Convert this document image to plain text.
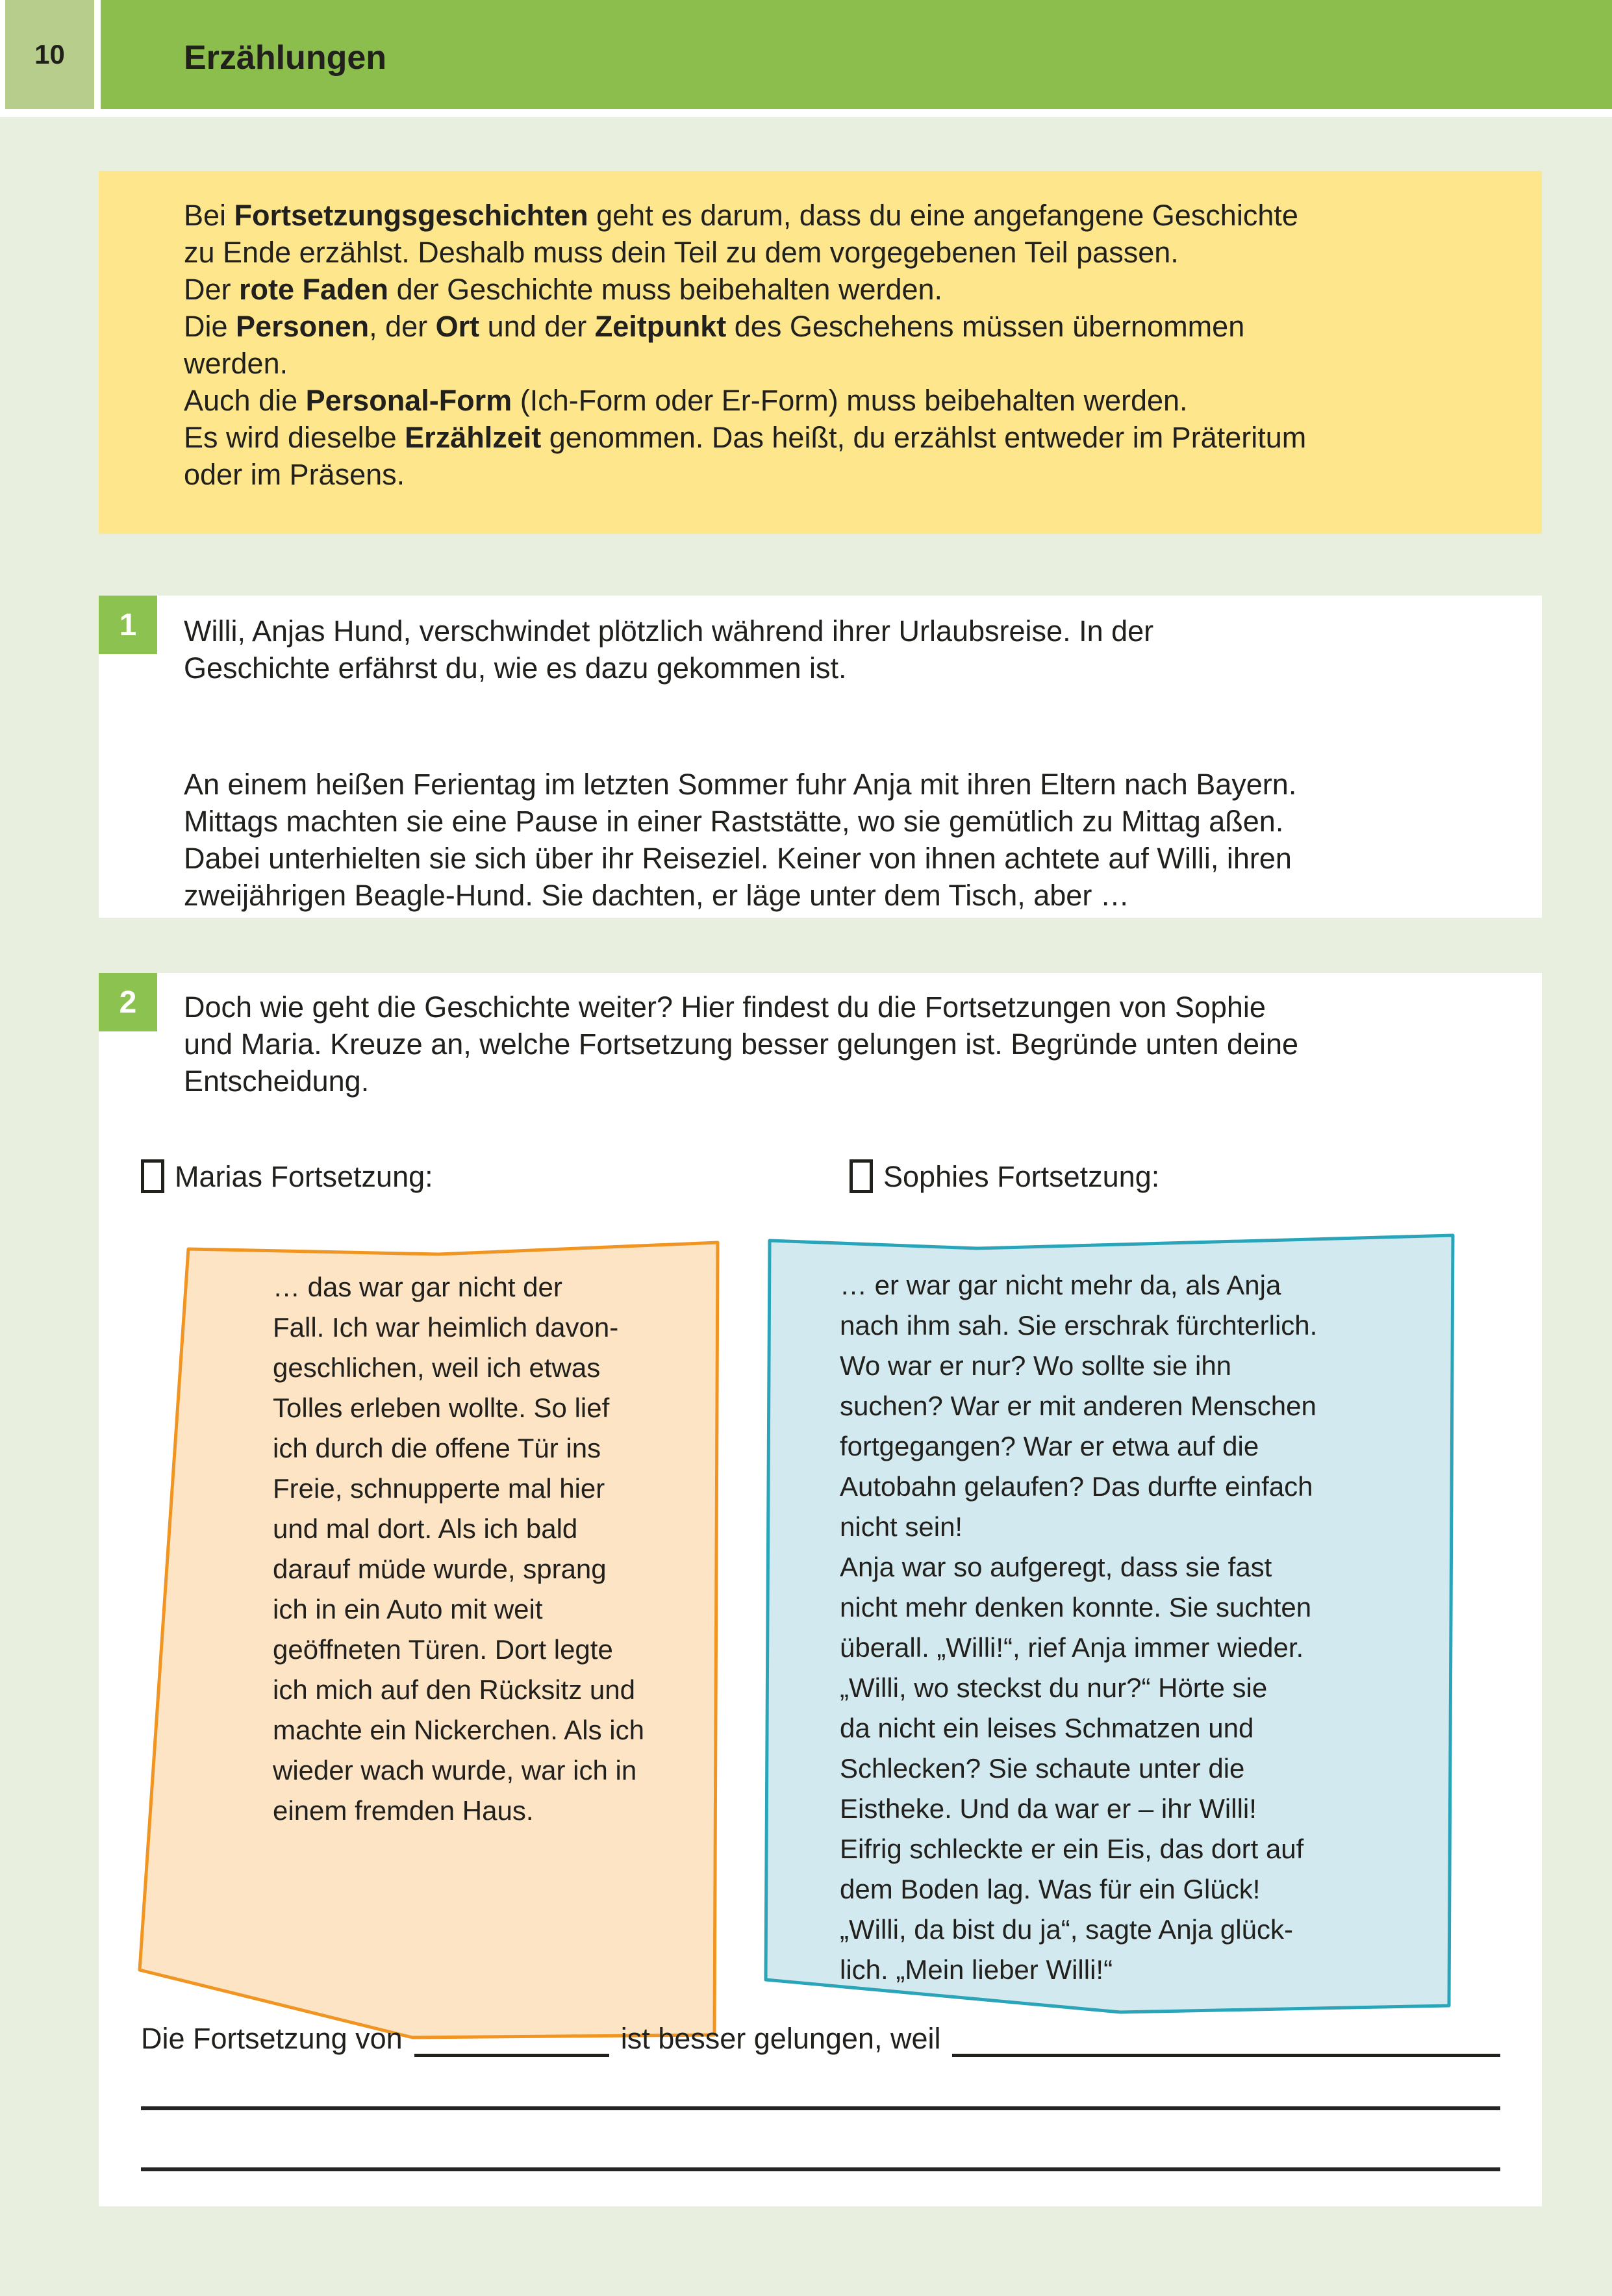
10	Erzählungen
Bei Fortsetzungsgeschichten geht es darum, dass du eine angefangene Geschichte
zu Ende erzählst. Deshalb muss dein Teil zu dem vorgegebenen Teil passen.
Der rote Faden der Geschichte muss beibehalten werden.
Die Personen, der Ort und der Zeitpunkt des Geschehens müssen übernommen
werden.
Auch die Personal-Form (Ich-Form oder Er-Form) muss beibehalten werden.
Es wird dieselbe Erzählzeit genommen. Das heißt, du erzählst entweder im Präteritum
oder im Präsens.
1	Willi, Anjas Hund, verschwindet plötzlich während ihrer Urlaubsreise. In der
Geschichte erfährst du, wie es dazu gekommen ist.
An einem heißen Ferientag im letzten Sommer fuhr Anja mit ihren Eltern nach Bayern.
Mittags machten sie eine Pause in einer Raststätte, wo sie gemütlich zu Mittag aßen.
Dabei unterhielten sie sich über ihr Reiseziel. Keiner von ihnen achtete auf Willi, ihren
zweijährigen Beagle-Hund. Sie dachten, er läge unter dem Tisch, aber …
2	Doch wie geht die Geschichte weiter? Hier findest du die Fortsetzungen von Sophie
und Maria. Kreuze an, welche Fortsetzung besser gelungen ist. Begründe unten deine
Entscheidung.
Marias Fortsetzung:	Sophies Fortsetzung:
… das war gar nicht der
Fall. Ich war heimlich davon-
geschlichen, weil ich etwas
Tolles erleben wollte. So lief
ich durch die offene Tür ins
Freie, schnupperte mal hier
und mal dort. Als ich bald
darauf müde wurde, sprang
ich in ein Auto mit weit
geöffneten Türen. Dort legte
ich mich auf den Rücksitz und
machte ein Nickerchen. Als ich
wieder wach wurde, war ich in
einem fremden Haus.
… er war gar nicht mehr da, als Anja
nach ihm sah. Sie erschrak fürchterlich.
Wo war er nur? Wo sollte sie ihn
suchen? War er mit anderen Menschen
fortgegangen? War er etwa auf die
Autobahn gelaufen? Das durfte einfach
nicht sein!
Anja war so aufgeregt, dass sie fast
nicht mehr denken konnte. Sie suchten
überall. „Willi!“, rief Anja immer wieder.
„Willi, wo steckst du nur?“ Hörte sie
da nicht ein leises Schmatzen und
Schlecken? Sie schaute unter die
Eistheke. Und da war er – ihr Willi!
Eifrig schleckte er ein Eis, das dort auf
dem Boden lag. Was für ein Glück!
„Willi, da bist du ja“, sagte Anja glück-
lich. „Mein lieber Willi!“
Die Fortsetzung von	ist besser gelungen, weil
